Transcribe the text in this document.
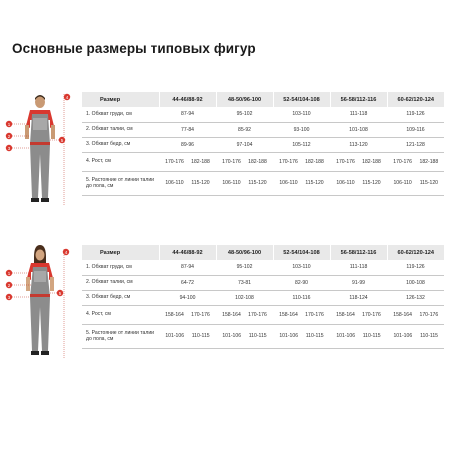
Основные размеры типовых фигур
1
2
3
4
5
Размер	44-46/88-92	48-50/96-100	52-54/104-108	56-58/112-116	60-62/120-124
1. Обхват груди, см	87-94	95-102	103-110	111-118	119-126
2. Обхват талии, см	77-84	85-92	93-100	101-108	109-116
3. Обхват бедр, см	89-96	97-104	105-112	113-120	121-128
4. Рост, см	170-176 182-188	170-176 182-188	170-176 182-188	170-176 182-188	170-176 182-188

5. Растояние от линии талии до пола, см	106-110 115-120	106-110 115-120	106-110 115-120	106-110 115-120	106-110 115-120
1
2
3
4
5
Размер	44-46/88-92	48-50/96-100	52-54/104-108	56-58/112-116	60-62/120-124
1. Обхват груди, см	87-94	95-102	103-110	111-118	119-126
2. Обхват талии, см	64-72	73-81	82-90	91-99	100-108
3. Обхват бедр, см	94-100	102-108	110-116	118-124	126-132
4. Рост, см	158-164 170-176	158-164 170-176	158-164 170-176	158-164 170-176	158-164 170-176

5. Растояние от линии талии до пола, см	101-106 110-115	101-106 110-115	101-106 110-115	101-106 110-115	101-106 110-115
